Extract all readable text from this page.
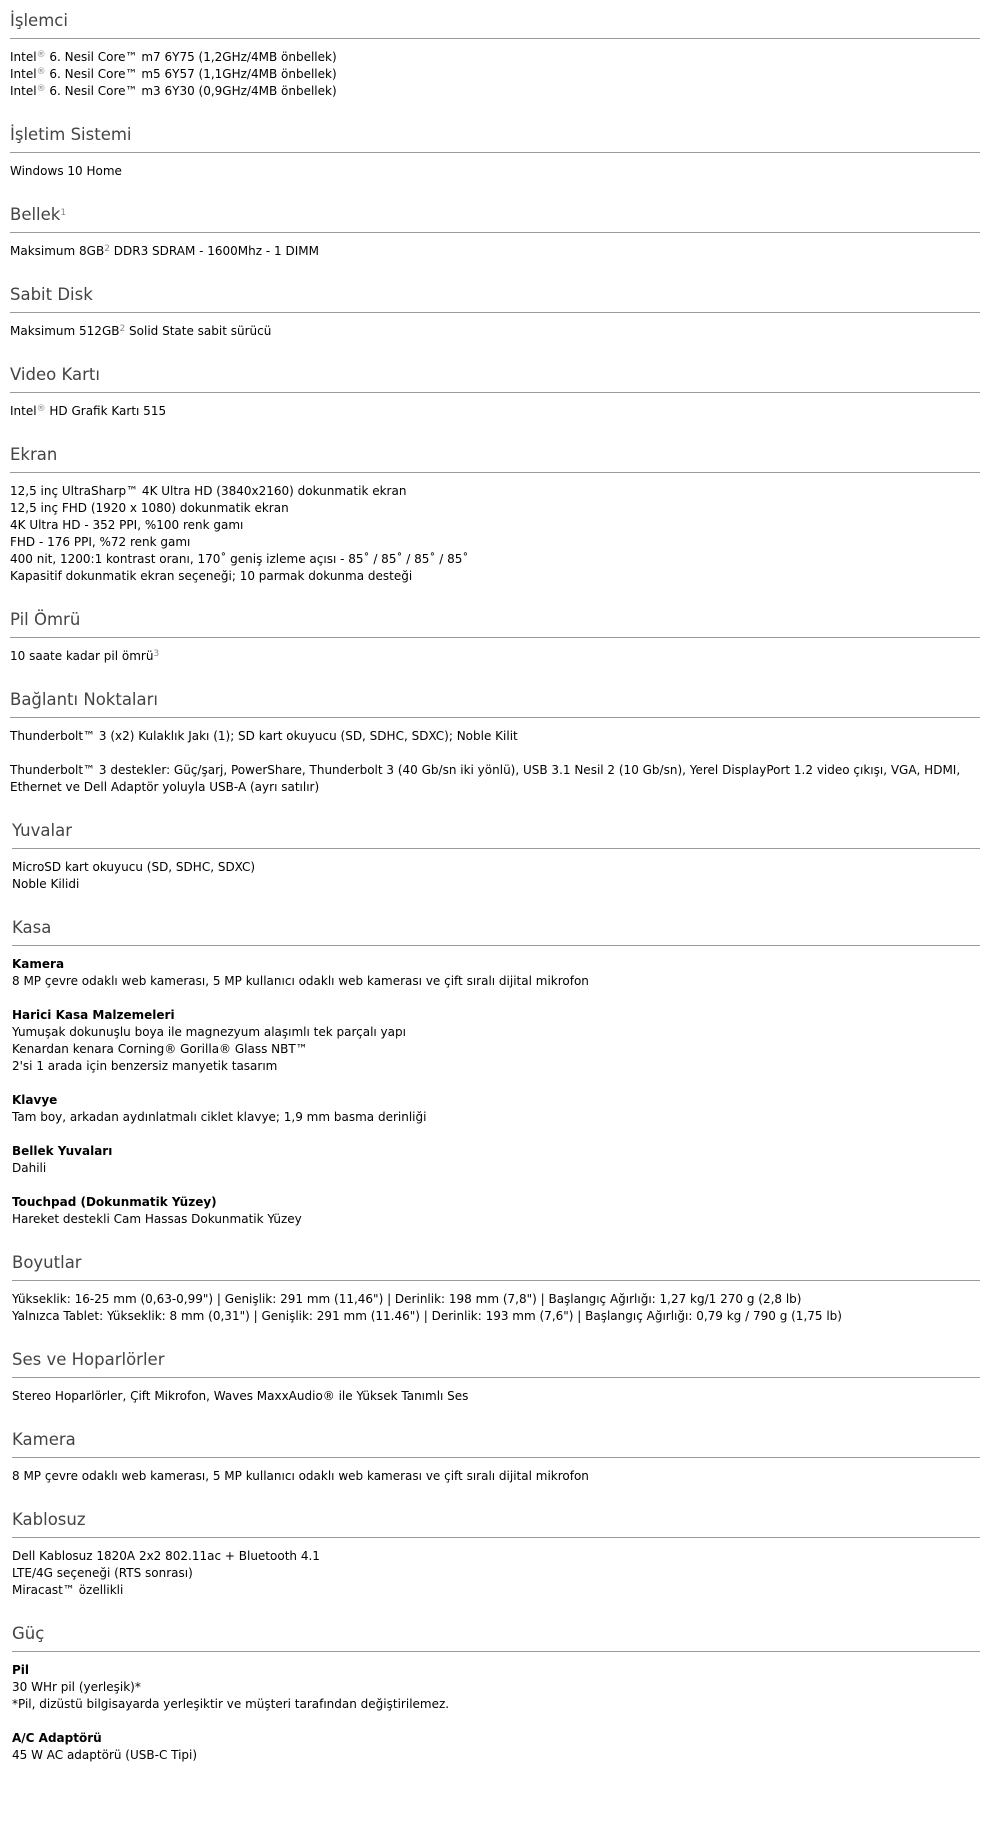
İşlemci
Intel® 6. Nesil Core™ m7 6Y75 (1,2GHz/4MB önbellek)
Intel® 6. Nesil Core™ m5 6Y57 (1,1GHz/4MB önbellek)
Intel® 6. Nesil Core™ m3 6Y30 (0,9GHz/4MB önbellek)
İşletim Sistemi
Windows 10 Home
Bellek$^1$
Maksimum $8GB^2$ DDR3 SDRAM - 1600Mhz - 1 DIMM
Sabit Disk
Maksimum $512GB^2$ Solid State sabit sürücü
Video Kartı
Intel® HD Grafik Kartı 515
Ekran
12,5 inç UltraSharp™ 4K Ultra HD (3840x2160) dokunmatik ekran
12,5 inç FHD (1920 x 1080) dokunmatik ekran
4K Ultra HD - 352 PPI, %100 renk gamı
FHD - 176 PPI, %72 renk gamı
400 nit, 1200:1 kontrast oranı, 170˚ geniş izleme açısı - 85˚ / 85˚ / 85˚ / 85˚
Kapasitif dokunmatik ekran seçeneği; 10 parmak dokunma desteği
Pil Ömrü
10 saate kadar pil ömrü$^3$
Bağlantı Noktaları
Thunderbolt™ 3 (x2) Kulaklık Jakı (1); SD kart okuyucu (SD, SDHC, SDXC); Noble Kilit
Thunderbolt™ 3 destekler: Güç/şarj, PowerShare, Thunderbolt 3 (40 Gb/sn iki yönlü), USB 3.1 Nesil 2 (10 Gb/sn), Yerel DisplayPort 1.2 video çıkışı, VGA, HDMI, Ethernet ve Dell Adaptör yoluyla USB-A (ayrı satılır)
Yuvalar
MicroSD kart okuyucu (SD, SDHC, SDXC)
Noble Kilidi
Kasa
Kamera
8 MP çevre odaklı web kamerası, 5 MP kullanıcı odaklı web kamerası ve çift sıralı dijital mikrofon
Harici Kasa Malzemeleri
Yumuşak dokunuşlu boya ile magnezyum alaşımlı tek parçalı yapı
Kenardan kenara Corning® Gorilla® Glass NBT™
2'si 1 arada için benzersiz manyetik tasarım
Klavye
Tam boy, arkadan aydınlatmalı ciklet klavye; 1,9 mm basma derinliği
Bellek Yuvaları
Dahili
Touchpad (Dokunmatik Yüzey)
Hareket destekli Cam Hassas Dokunmatik Yüzey
Boyutlar
Yükseklik: 16-25 mm (0,63-0,99") | Genişlik: 291 mm (11,46") | Derinlik: 198 mm (7,8") | Başlangıç Ağırlığı: 1,27 kg/1 270 g (2,8 lb)
Yalnızca Tablet: Yükseklik: 8 mm (0,31") | Genişlik: 291 mm (11.46") | Derinlik: 193 mm (7,6") | Başlangıç Ağırlığı: 0,79 kg / 790 g (1,75 lb)
Ses ve Hoparlörler
Stereo Hoparlörler, Çift Mikrofon, Waves MaxxAudio® ile Yüksek Tanımlı Ses
Kamera
8 MP çevre odaklı web kamerası, 5 MP kullanıcı odaklı web kamerası ve çift sıralı dijital mikrofon
Kablosuz
Dell Kablosuz 1820A 2x2 802.11ac + Bluetooth 4.1
LTE/4G seçeneği (RTS sonrası)
Miracast™ özellikli
Güç
Pil
30 WHr pil (yerleşik)*
*Pil, dizüstü bilgisayarda yerleşiktir ve müşteri tarafından değiştirilemez.
A/C Adaptörü
45 W AC adaptörü (USB-C Tipi)
